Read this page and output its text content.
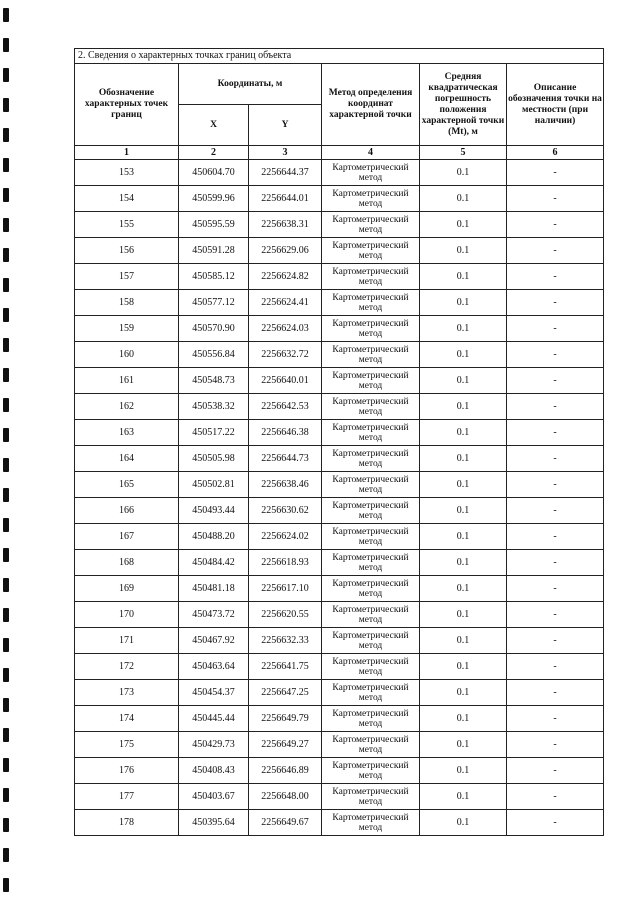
2. Сведения о характерных точках границ объекта					
Обозначение характерных точек границ	Координаты, м		Метод определения координат характерной точки	Средняя квадратическая погрешность положения характерной точки (Mt), м	Описание обозначения точки на местности (при наличии)
	X	Y			
1	2	3	4	5	6
153	450604.70	2256644.37	Картометрический метод	0.1	-
154	450599.96	2256644.01	Картометрический метод	0.1	-
155	450595.59	2256638.31	Картометрический метод	0.1	-
156	450591.28	2256629.06	Картометрический метод	0.1	-
157	450585.12	2256624.82	Картометрический метод	0.1	-
158	450577.12	2256624.41	Картометрический метод	0.1	-
159	450570.90	2256624.03	Картометрический метод	0.1	-
160	450556.84	2256632.72	Картометрический метод	0.1	-
161	450548.73	2256640.01	Картометрический метод	0.1	-
162	450538.32	2256642.53	Картометрический метод	0.1	-
163	450517.22	2256646.38	Картометрический метод	0.1	-
164	450505.98	2256644.73	Картометрический метод	0.1	-
165	450502.81	2256638.46	Картометрический метод	0.1	-
166	450493.44	2256630.62	Картометрический метод	0.1	-
167	450488.20	2256624.02	Картометрический метод	0.1	-
168	450484.42	2256618.93	Картометрический метод	0.1	-
169	450481.18	2256617.10	Картометрический метод	0.1	-
170	450473.72	2256620.55	Картометрический метод	0.1	-
171	450467.92	2256632.33	Картометрический метод	0.1	-
172	450463.64	2256641.75	Картометрический метод	0.1	-
173	450454.37	2256647.25	Картометрический метод	0.1	-
174	450445.44	2256649.79	Картометрический метод	0.1	-
175	450429.73	2256649.27	Картометрический метод	0.1	-
176	450408.43	2256646.89	Картометрический метод	0.1	-
177	450403.67	2256648.00	Картометрический метод	0.1	-
178	450395.64	2256649.67	Картометрический метод	0.1	-
